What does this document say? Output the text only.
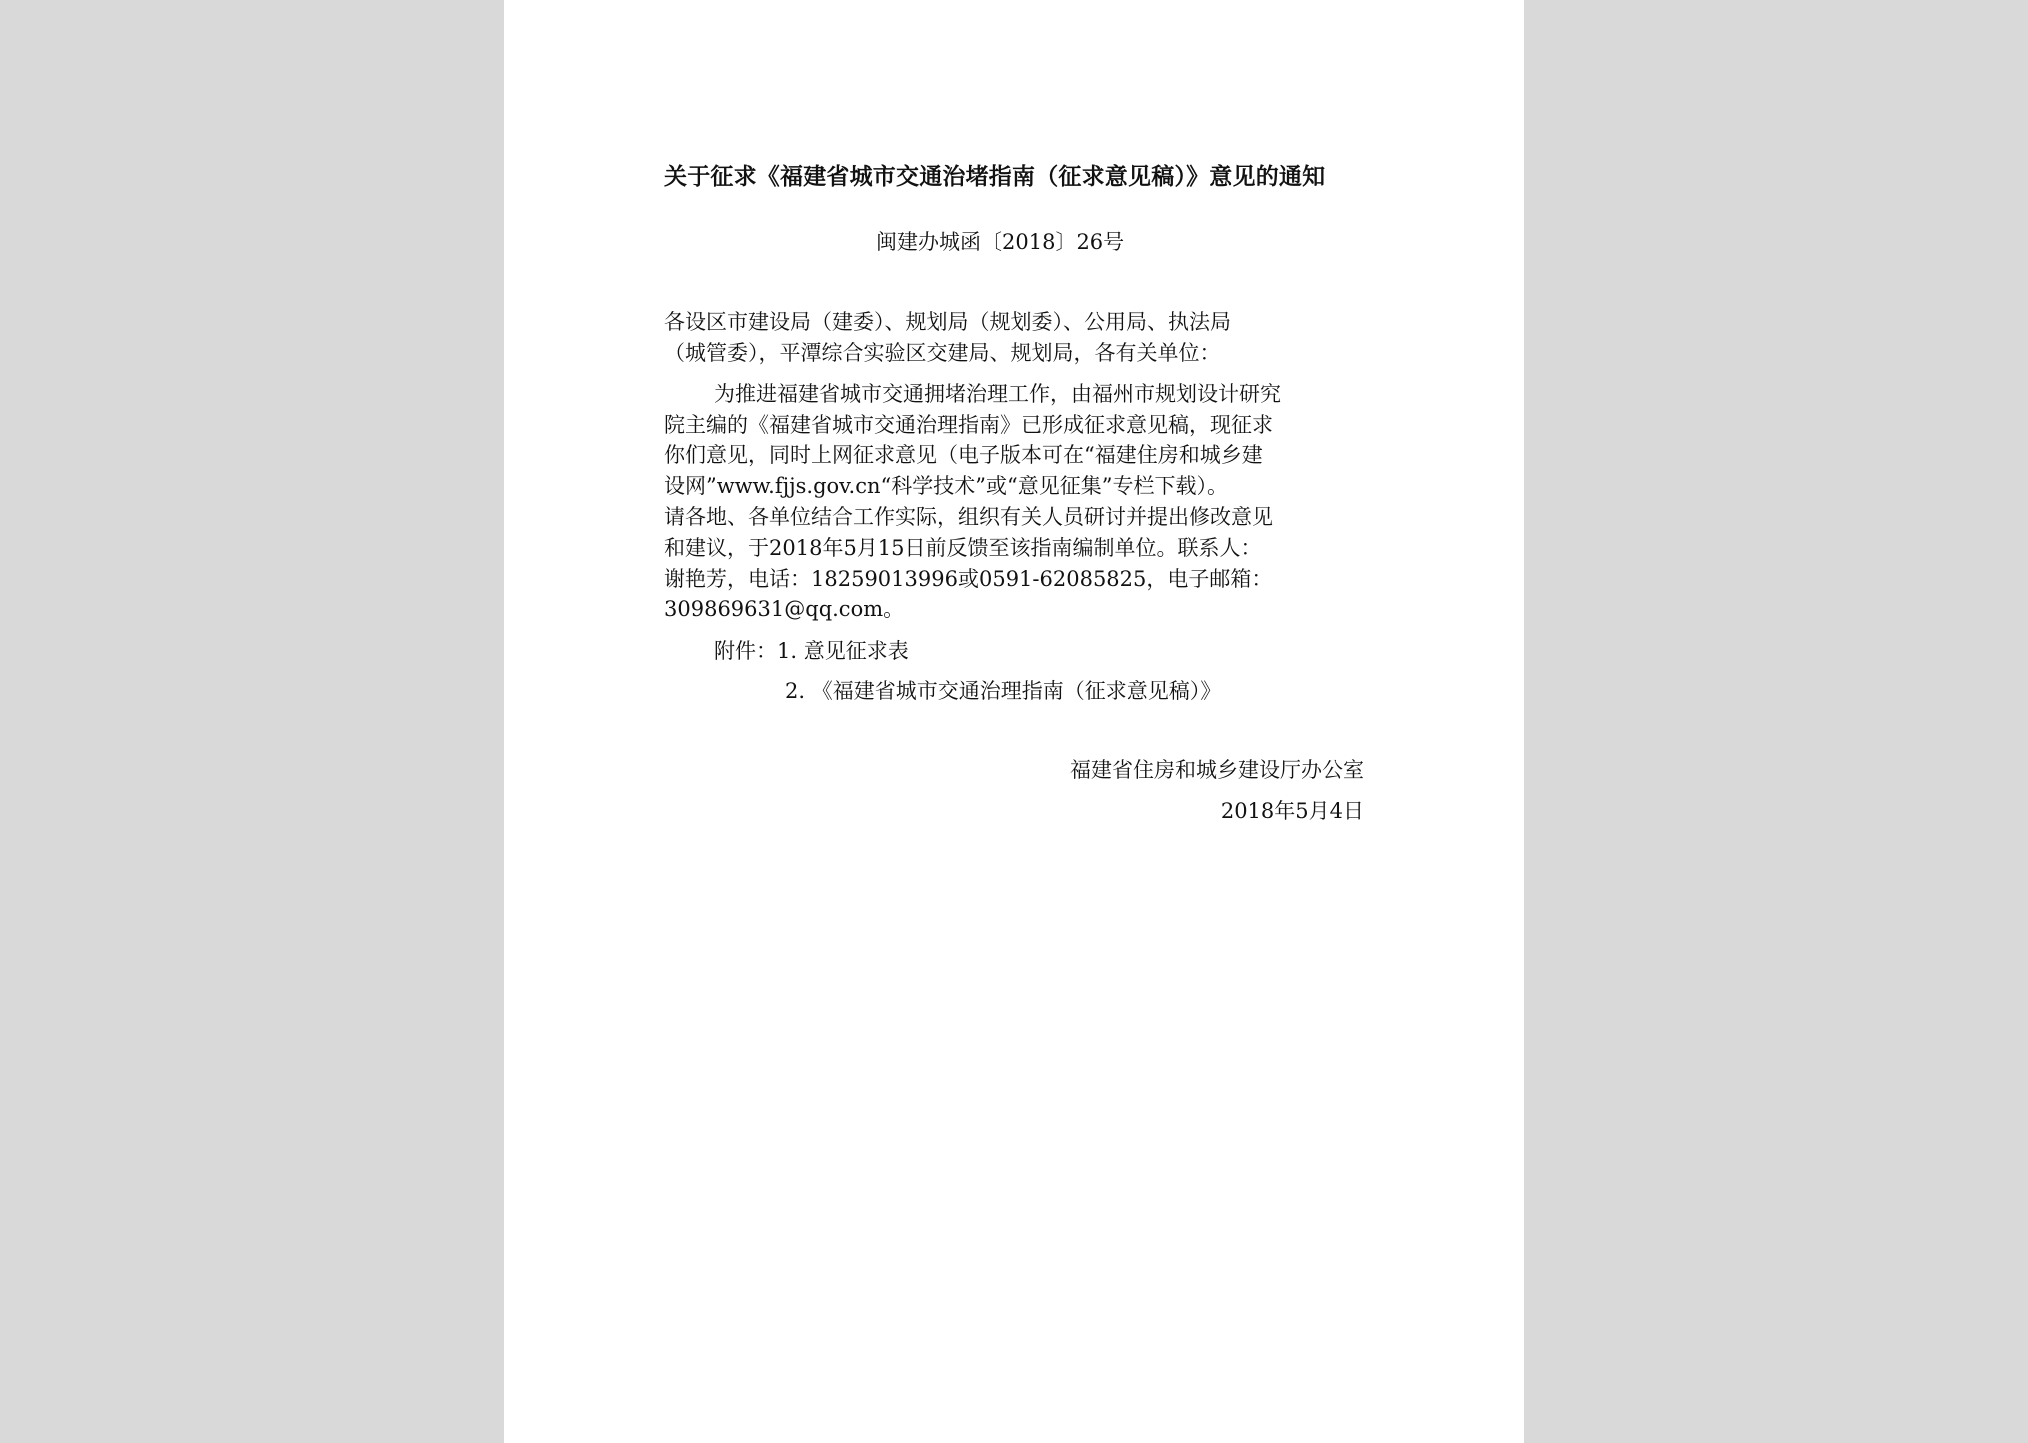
关于征求《福建省城市交通治堵指南（征求意见稿）》意见的通知
闽建办城函〔2018〕26号
各设区市建设局（建委）、规划局（规划委）、公用局、执法局
（城管委），平潭综合实验区交建局、规划局，各有关单位：
为推进福建省城市交通拥堵治理工作，由福州市规划设计研究
院主编的《福建省城市交通治理指南》已形成征求意见稿，现征求
你们意见，同时上网征求意见（电子版本可在“福建住房和城乡建
设网”www.fjjs.gov.cn“科学技术”或“意见征集”专栏下载）。
请各地、各单位结合工作实际，组织有关人员研讨并提出修改意见
和建议，于2018年5月15日前反馈至该指南编制单位。联系人：
谢艳芳，电话：18259013996或0591-62085825，电子邮箱：
309869631@qq.com。
附件：1. 意见征求表
2. 《福建省城市交通治理指南（征求意见稿）》
福建省住房和城乡建设厅办公室
2018年5月4日
